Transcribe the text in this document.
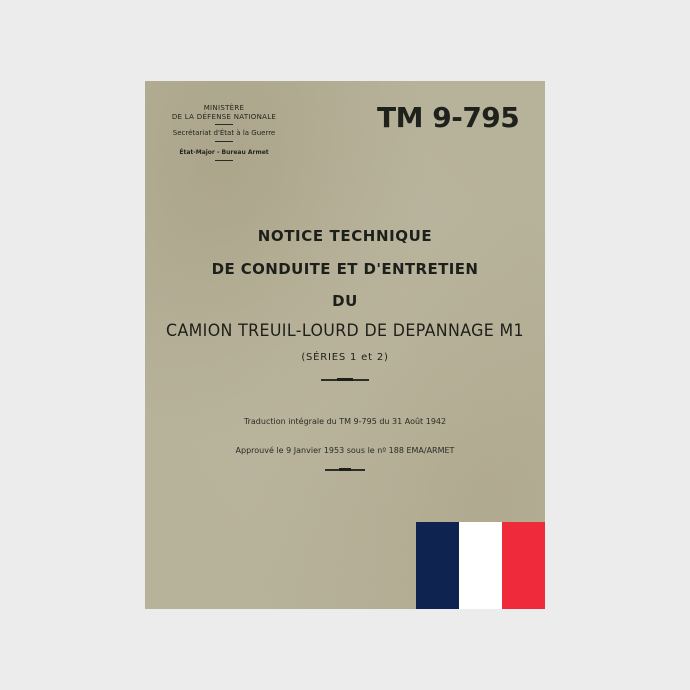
MINISTÈRE
DE LA DÉFENSE NATIONALE
Secrétariat d'État à la Guerre
État-Major - Bureau Armet
TM 9-795
NOTICE TECHNIQUE
DE CONDUITE ET D'ENTRETIEN
DU
CAMION TREUIL-LOURD DE DEPANNAGE M1
(SÉRIES 1 et 2)
Traduction intégrale du TM 9-795 du 31 Août 1942
Approuvé le 9 Janvier 1953 sous le nº 188 EMA/ARMET
